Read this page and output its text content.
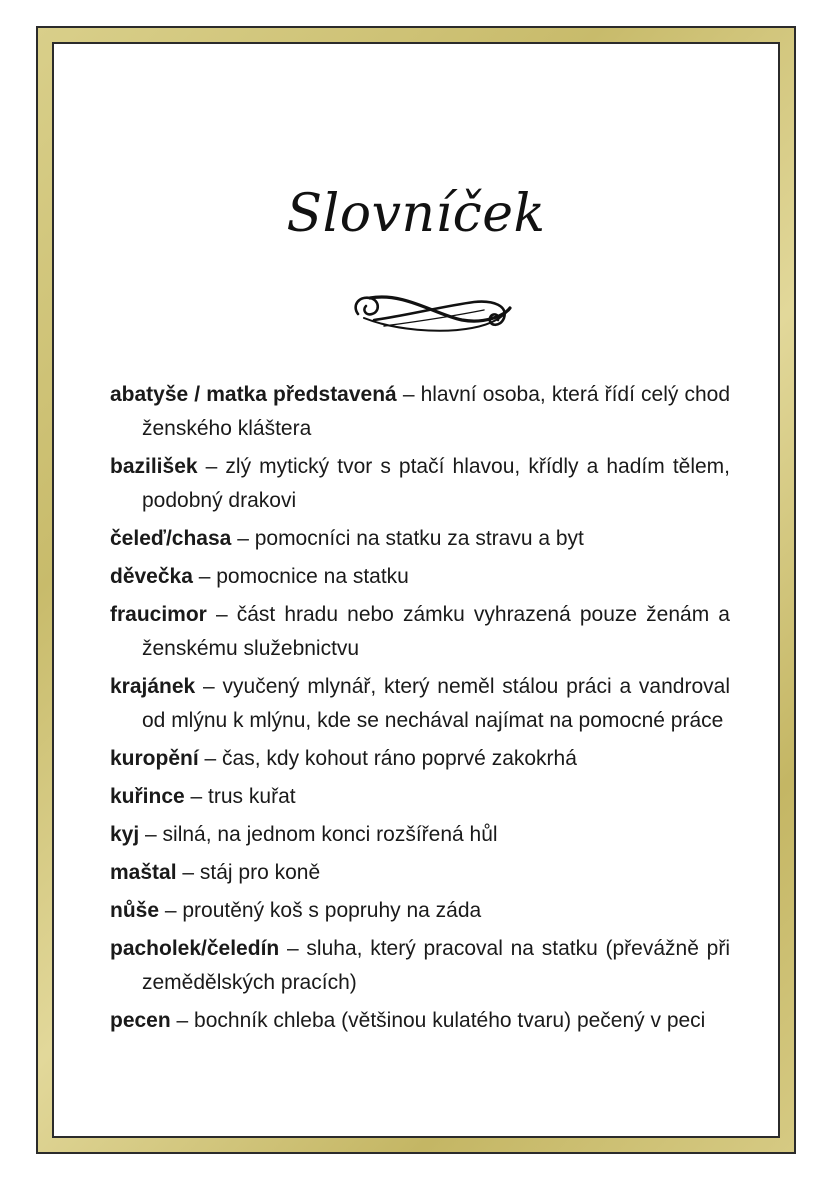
Slovníček
abatyše / matka představená – hlavní osoba, která řídí celý chod ženského kláštera
bazilišek – zlý mytický tvor s ptačí hlavou, křídly a hadím tělem, podobný drakovi
čeleď/chasa – pomocníci na statku za stravu a byt
děvečka – pomocnice na statku
fraucimor – část hradu nebo zámku vyhrazená pouze ženám a ženskému služebnictvu
krajánek – vyučený mlynář, který neměl stálou práci a vandroval od mlýnu k mlýnu, kde se nechával najímat na pomocné práce
kuropění – čas, kdy kohout ráno poprvé zakokrhá
kuřince – trus kuřat
kyj – silná, na jednom konci rozšířená hůl
maštal – stáj pro koně
nůše – proutěný koš s popruhy na záda
pacholek/čeledín – sluha, který pracoval na statku (převážně při zemědělských pracích)
pecen – bochník chleba (většinou kulatého tvaru) pečený v peci
